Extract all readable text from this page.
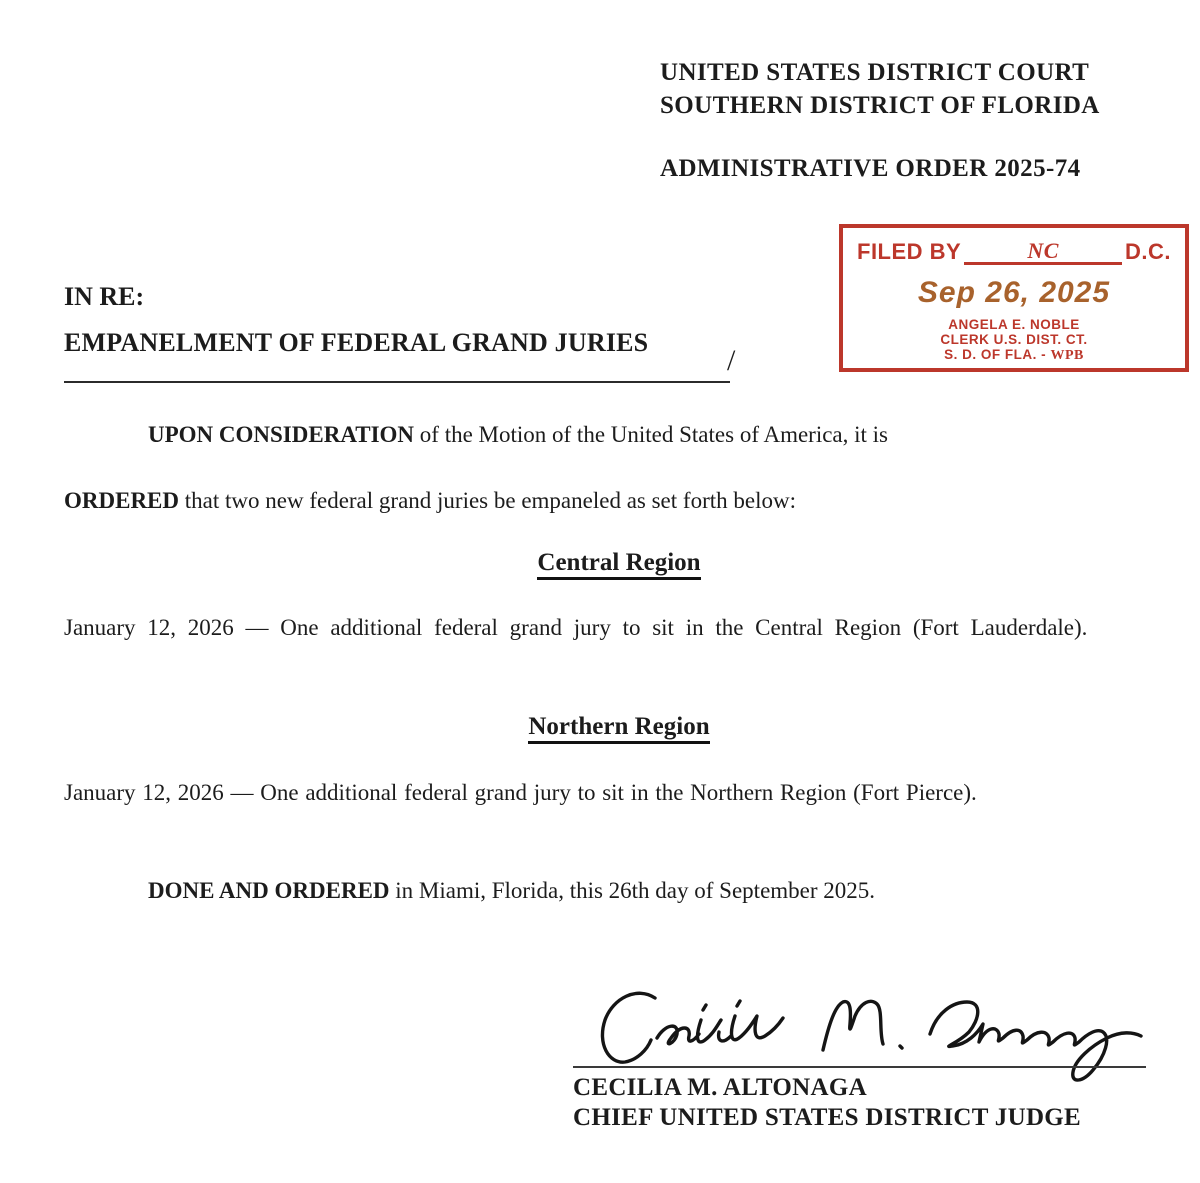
UNITED STATES DISTRICT COURT
SOUTHERN DISTRICT OF FLORIDA
ADMINISTRATIVE ORDER 2025-74
FILED BY	NC	D.C.
Sep 26, 2025
ANGELA E. NOBLE
CLERK U.S. DIST. CT.
S. D. OF FLA. - WPB
IN RE:
EMPANELMENT OF FEDERAL GRAND JURIES
/
UPON CONSIDERATION of the Motion of the United States of America, it is
ORDERED that two new federal grand juries be empaneled as set forth below:
Central Region
January 12, 2026 — One additional federal grand jury to sit in the Central Region (Fort Lauderdale).
Northern Region
January 12, 2026 — One additional federal grand jury to sit in the Northern Region (Fort Pierce).
DONE AND ORDERED in Miami, Florida, this 26th day of September 2025.
CECILIA M. ALTONAGA
CHIEF UNITED STATES DISTRICT JUDGE
